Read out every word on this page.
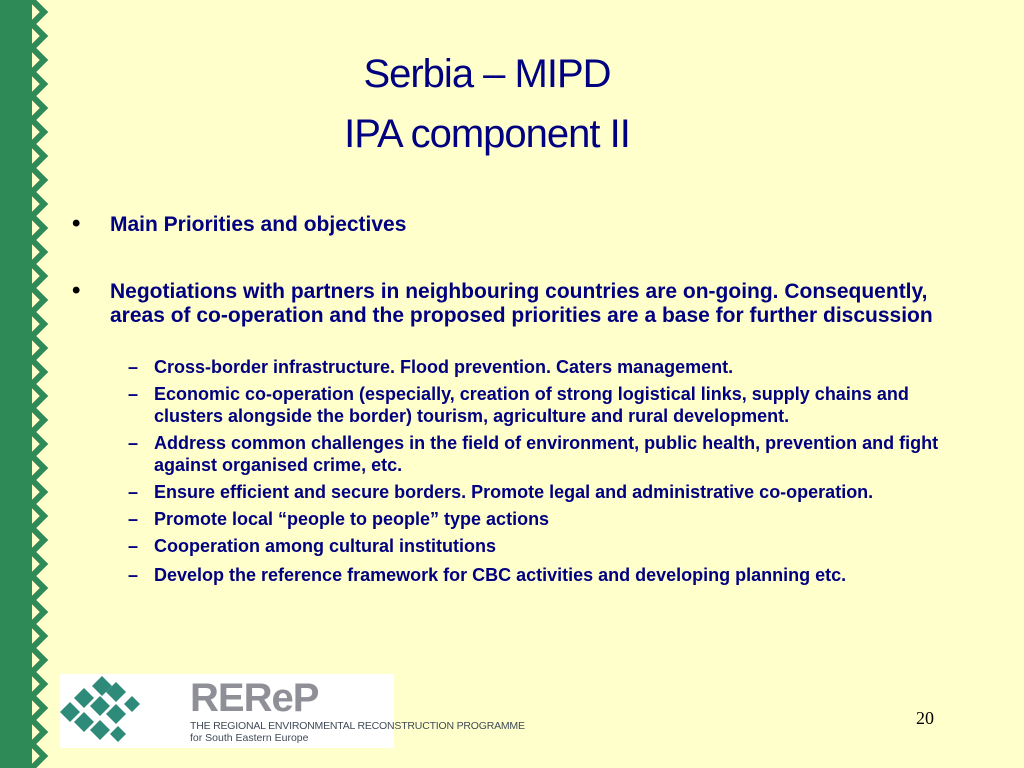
Serbia – MIPD
IPA component II
• Main Priorities and objectives
• Negotiations with partners in neighbouring countries are on-going. Consequently, areas of co-operation and the proposed priorities are a base for further discussion
– Cross-border infrastructure. Flood prevention. Caters management.
– Economic co-operation (especially, creation of strong logistical links, supply chains and clusters alongside the border) tourism, agriculture and rural development.
– Address common challenges in the field of environment, public health, prevention and fight against organised crime, etc.
– Ensure efficient and secure borders. Promote legal and administrative co-operation.
– Promote local “people to people” type actions
– Cooperation among cultural institutions
– Develop the reference framework for CBC activities and developing planning etc.
REReP
THE REGIONAL ENVIRONMENTAL RECONSTRUCTION PROGRAMME
for South Eastern Europe
20
